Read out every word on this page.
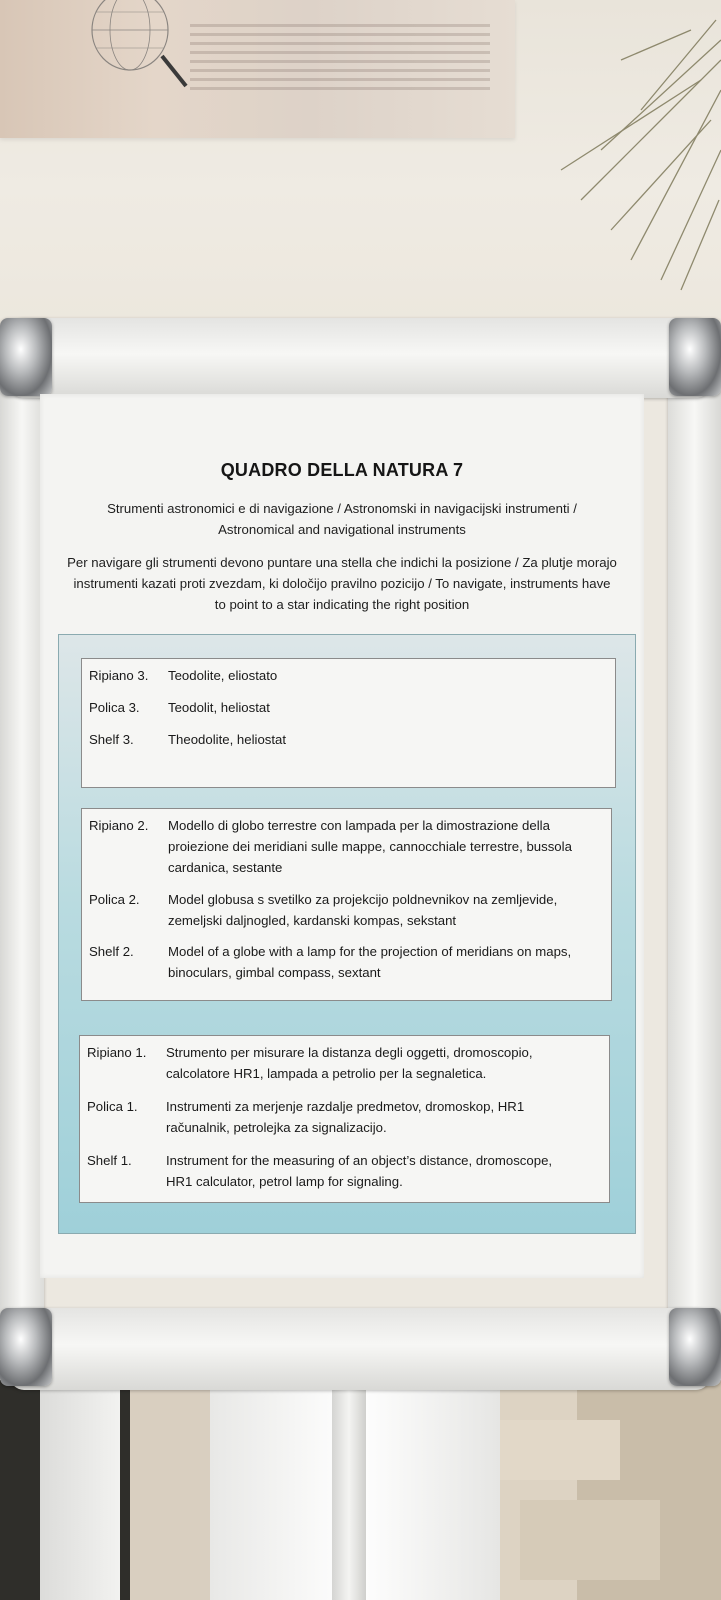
QUADRO DELLA NATURA 7
Strumenti astronomici e di navigazione / Astronomski in navigacijski instrumenti /
Astronomical and navigational instruments
Per navigare gli strumenti devono puntare una stella che indichi la posizione / Za plutje morajo
instrumenti kazati proti zvezdam, ki določijo pravilno pozicijo / To navigate, instruments have
to point to a star indicating the right position
Ripiano 3.	Teodolite, eliostato
Polica 3.	Teodolit, heliostat
Shelf 3.	Theodolite, heliostat
Ripiano 2.	Modello di globo terrestre con lampada per la dimostrazione della
proiezione dei meridiani sulle mappe, cannocchiale terrestre, bussola
cardanica, sestante
Polica 2.	Model globusa s svetilko za projekcijo poldnevnikov na zemljevide,
zemeljski daljnogled, kardanski kompas, sekstant
Shelf 2.	Model of a globe with a lamp for the projection of meridians on maps,
binoculars, gimbal compass, sextant
Ripiano 1.	Strumento per misurare la distanza degli oggetti, dromoscopio,
calcolatore HR1, lampada a petrolio per la segnaletica.
Polica 1.	Instrumenti za merjenje razdalje predmetov, dromoskop, HR1
računalnik, petrolejka za signalizacijo.
Shelf 1.	Instrument for the measuring of an object’s distance, dromoscope,
HR1 calculator, petrol lamp for signaling.
